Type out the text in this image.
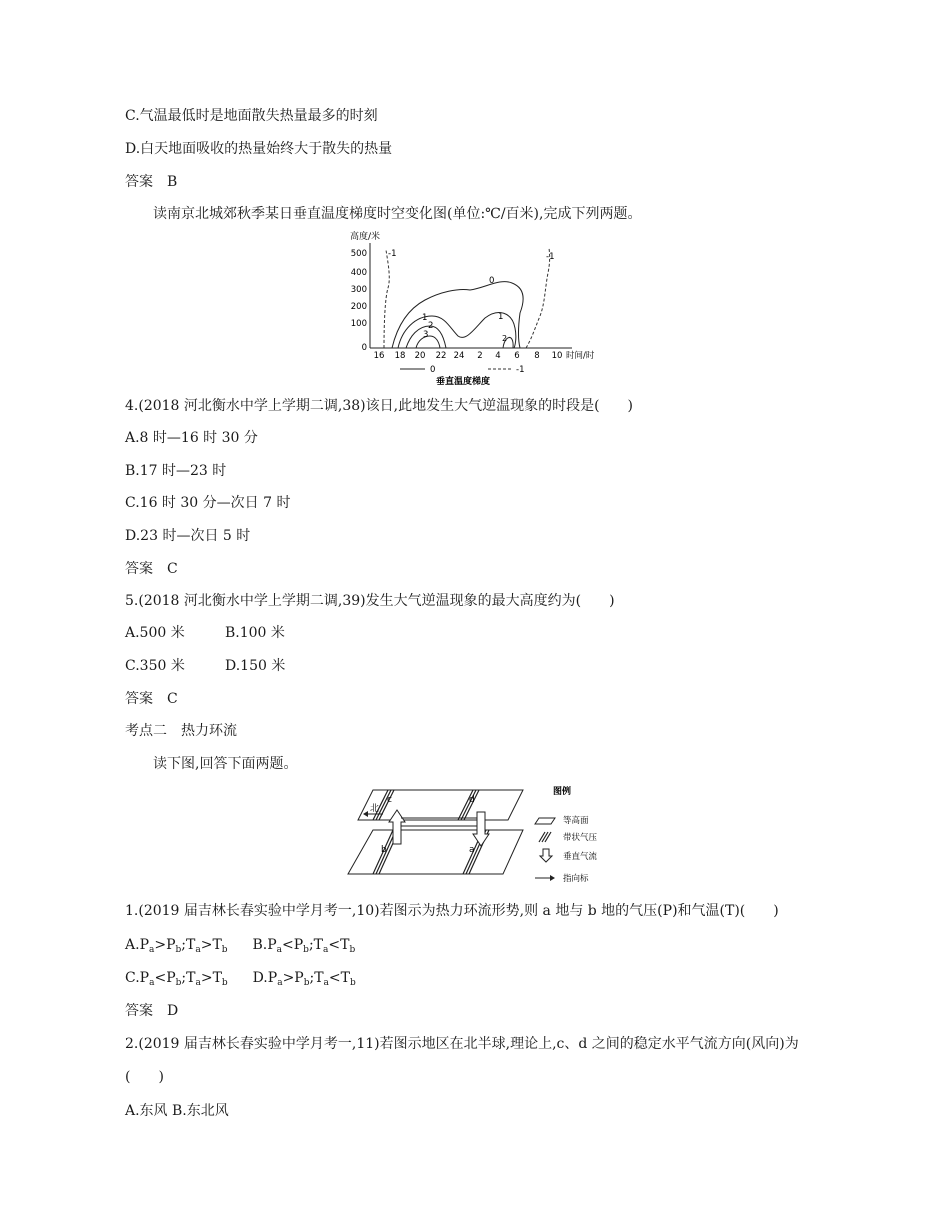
C.气温最低时是地面散失热量最多的时刻
D.白天地面吸收的热量始终大于散失的热量
答案　B
读南京北城郊秋季某日垂直温度梯度时空变化图(单位:℃/百米),完成下列两题。
高度/米
500
400
300
200
100
0
16 18 20 22 24 2 4 6 8 10 时间/时
-1
0
1	1
2
3	2
-1
0	-1
垂直温度梯度
4.(2018 河北衡水中学上学期二调,38)该日,此地发生大气逆温现象的时段是(　　)
A.8 时—16 时 30 分
B.17 时—23 时
C.16 时 30 分—次日 7 时
D.23 时—次日 5 时
答案　C
5.(2018 河北衡水中学上学期二调,39)发生大气逆温现象的最大高度约为(　　)
A.500 米	B.100 米
C.350 米	D.150 米
答案　C
考点二　热力环流
读下图,回答下面两题。
北
c	d
b	a
图例
等高面
带状气压
垂直气流
指向标
1.(2019 届吉林长春实验中学月考一,10)若图示为热力环流形势,则 a 地与 b 地的气压(P)和气温(T)(　　)
$A.P_a>P_b;T_a>T_b$ $B.P_a<P_b;T_a<T_b$
$C.P_a<P_b;T_a>T_b$ $D.P_a>P_b;T_a<T_b$
答案　D
2.(2019 届吉林长春实验中学月考一,11)若图示地区在北半球,理论上,c、d 之间的稳定水平气流方向(风向)为
(　　)
A.东风 B.东北风
